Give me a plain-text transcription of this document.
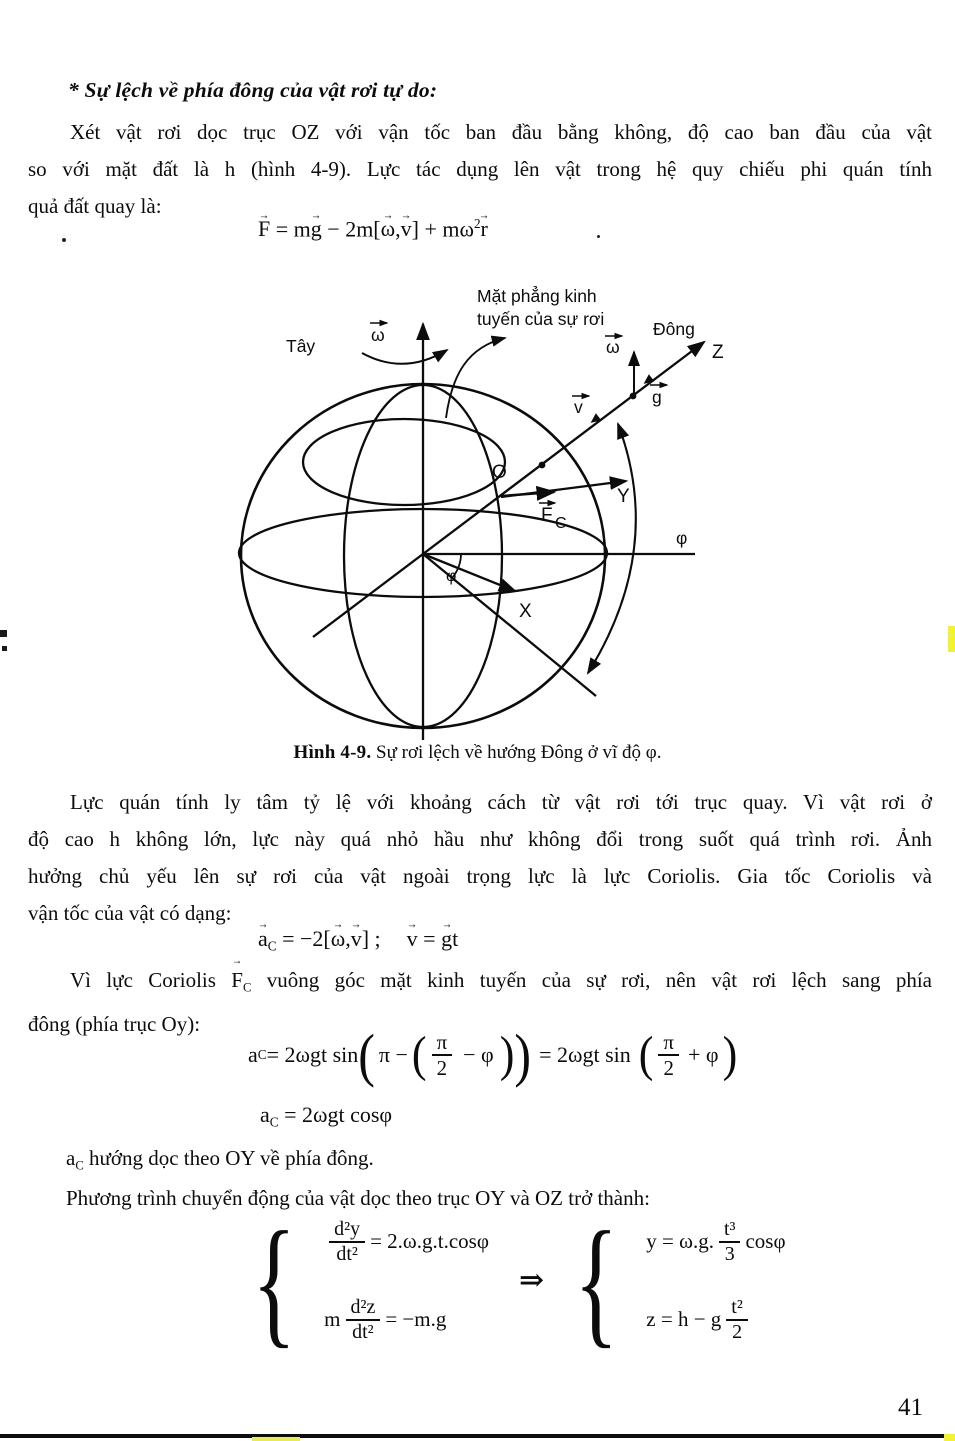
* Sự lệch về phía đông của vật rơi tự do:
Xét vật rơi dọc trục OZ với vận tốc ban đầu bằng không, độ cao ban đầu của vật
so với mặt đất là h (hình 4-9). Lực tác dụng lên vật trong hệ quy chiếu phi quán tính
quả đất quay là:
F → = mg → − 2m[ω →,v →] + $m\omega^2r$ →
Tây
ω
Mặt phẳng kinh
tuyến của sự rơi	Đông
Z
ω
v	g
O
Y
F C
φ
φ
X
Hình 4-9. Sự rơi lệch về hướng Đông ở vĩ độ φ.
Lực quán tính ly tâm tỷ lệ với khoảng cách từ vật rơi tới trục quay. Vì vật rơi ở
độ cao h không lớn, lực này quá nhỏ hầu như không đổi trong suốt quá trình rơi. Ảnh
hưởng chủ yếu lên sự rơi của vật ngoài trọng lực là lực Coriolis. Gia tốc Coriolis và
vận tốc của vật có dạng:
$a \to_C = -2[\omega \to,v$ →] ; v → = g →t
Vì lực Coriolis $F \to_C$ vuông góc mặt kinh tuyến của sự rơi, nên vật rơi lệch sang phía
đông (phía trục Oy):
a C = 2ωgt sin ( π − ( $\frac{\pi}{2} - \varphi$ ) ) = 2ωgt sin ( $\frac{\pi}{2} + \varphi$ )
$a_C = 2\omega gt$ cosφ
$a_C$ hướng dọc theo OY về phía đông.
Phương trình chuyển động của vật dọc theo trục OY và OZ trở thành:
{ $\frac{\text{d²y}}{\text{dt²}} = 2.\omega.g.t.\cos\varphi$
m $\frac{\text{d²z}}{\text{dt²}} = -m.g$
⇒ { y = ω.g. $\frac{\text{t³}}{3}$ cosφ
z = h − g $\frac{\text{t²}}{2}$
41
